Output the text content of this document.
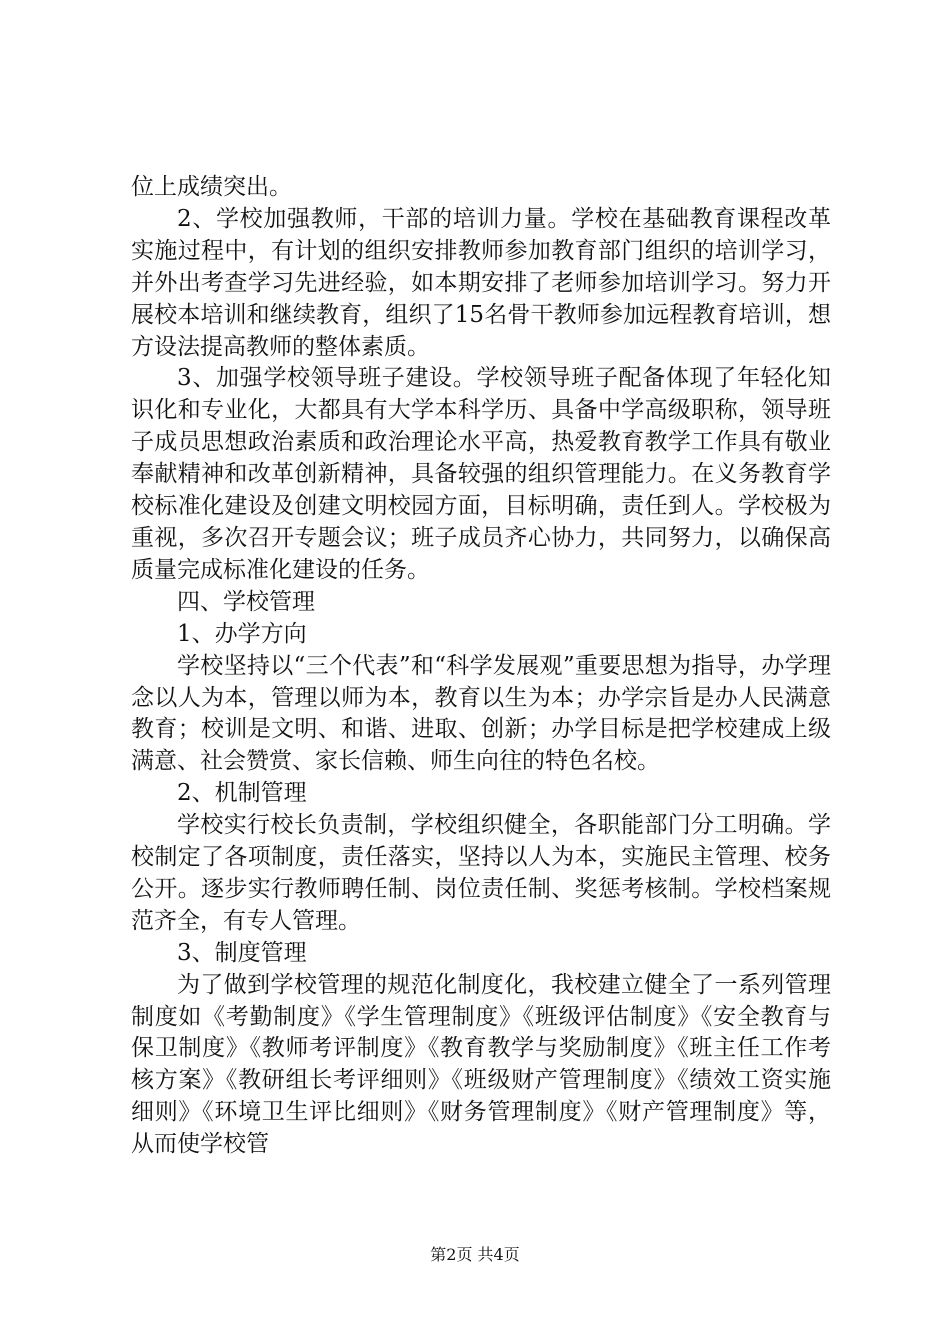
位上成绩突出。

2、学校加强教师，干部的培训力量。学校在基础教育课程改革实施过程中，有计划的组织安排教师参加教育部门组织的培训学习，并外出考查学习先进经验，如本期安排了老师参加培训学习。努力开展校本培训和继续教育，组织了15名骨干教师参加远程教育培训，想方设法提高教师的整体素质。

3、加强学校领导班子建设。学校领导班子配备体现了年轻化知识化和专业化，大都具有大学本科学历、具备中学高级职称，领导班子成员思想政治素质和政治理论水平高，热爱教育教学工作具有敬业奉献精神和改革创新精神，具备较强的组织管理能力。在义务教育学校标准化建设及创建文明校园方面，目标明确，责任到人。学校极为重视，多次召开专题会议；班子成员齐心协力，共同努力，以确保高质量完成标准化建设的任务。

四、学校管理

1、办学方向

学校坚持以“三个代表”和“科学发展观”重要思想为指导，办学理念以人为本，管理以师为本，教育以生为本；办学宗旨是办人民满意教育；校训是文明、和谐、进取、创新；办学目标是把学校建成上级满意、社会赞赏、家长信赖、师生向往的特色名校。

2、机制管理

学校实行校长负责制，学校组织健全，各职能部门分工明确。学校制定了各项制度，责任落实，坚持以人为本，实施民主管理、校务公开。逐步实行教师聘任制、岗位责任制、奖惩考核制。学校档案规范齐全，有专人管理。

3、制度管理

为了做到学校管理的规范化制度化，我校建立健全了一系列管理制度如《考勤制度》《学生管理制度》《班级评估制度》《安全教育与保卫制度》《教师考评制度》《教育教学与奖励制度》《班主任工作考核方案》《教研组长考评细则》《班级财产管理制度》《绩效工资实施细则》《环境卫生评比细则》《财务管理制度》《财产管理制度》等，从而使学校管

第2页 共4页
